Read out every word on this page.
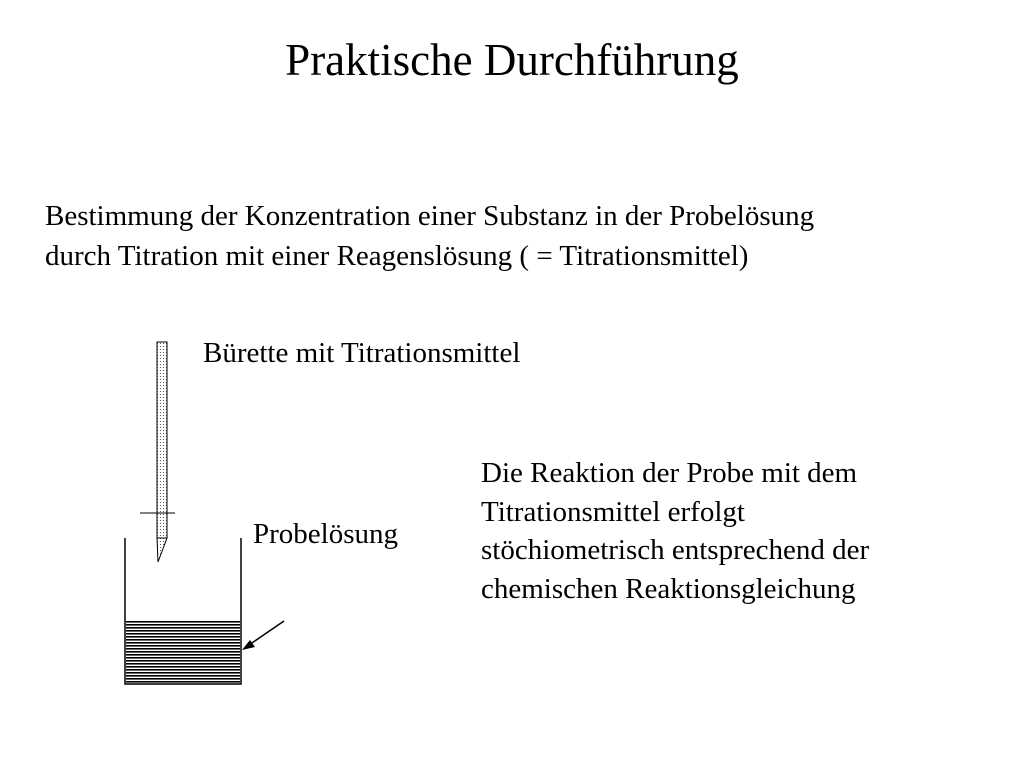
Praktische Durchführung
Bestimmung der Konzentration einer Substanz in der Probelösung
durch Titration mit einer Reagenslösung ( = Titrationsmittel)
Bürette mit Titrationsmittel
Probelösung
Die Reaktion der Probe mit dem
Titrationsmittel erfolgt
stöchiometrisch entsprechend der
chemischen Reaktionsgleichung
